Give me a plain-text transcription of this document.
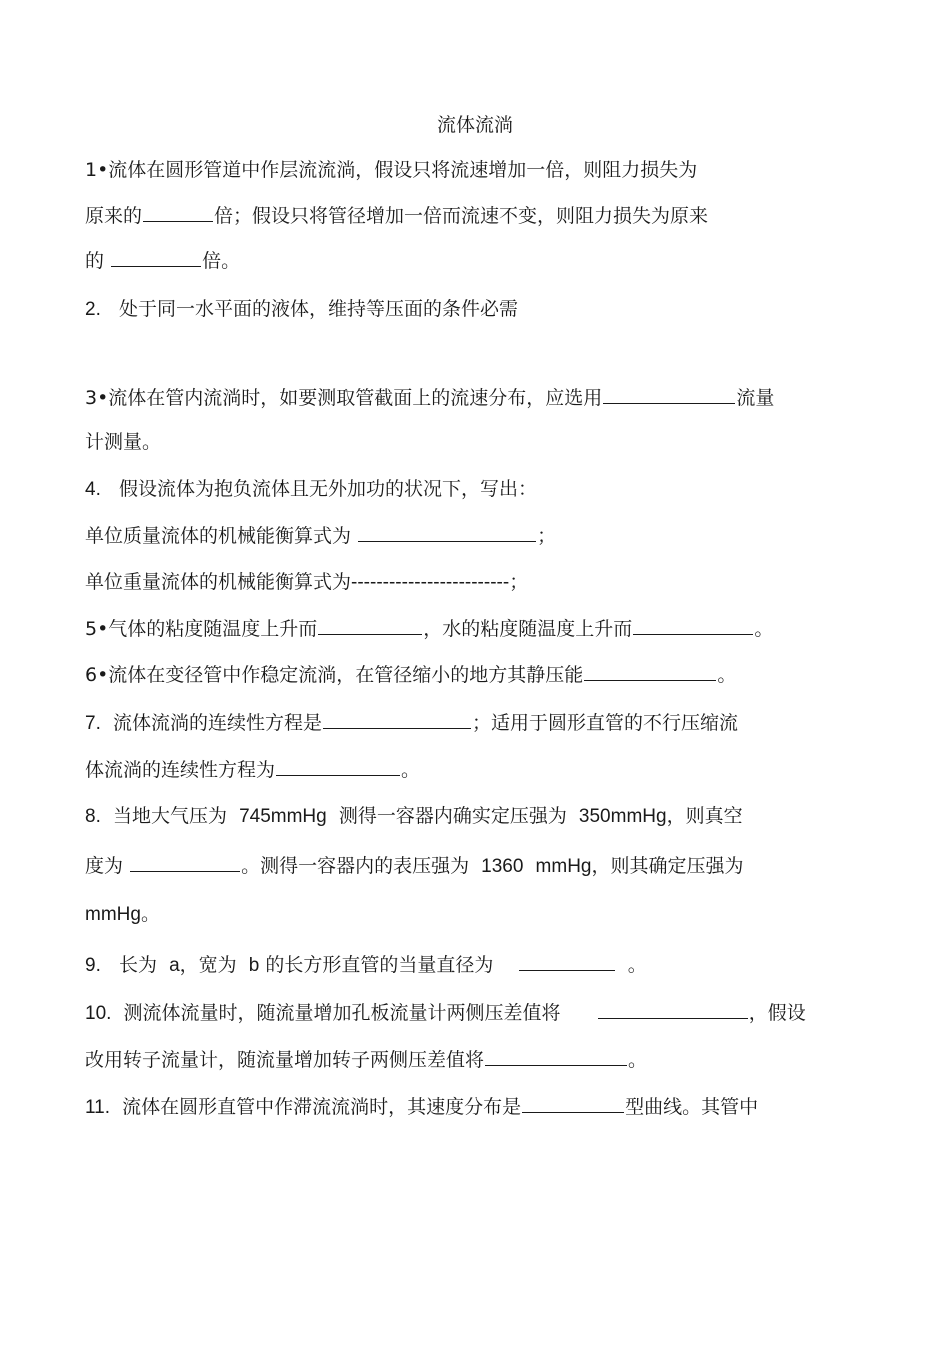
流体流淌
1•流体在圆形管道中作层流流淌，假设只将流速增加一倍，则阻力损失为
原来的	倍；假设只将管径增加一倍而流速不变，则阻力损失为原来
的	倍。
2. 处于同一水平面的液体，维持等压面的条件必需
3•流体在管内流淌时，如要测取管截面上的流速分布，应选用	流量
计测量。
4. 假设流体为抱负流体且无外加功的状况下，写出：
单位质量流体的机械能衡算式为	；
单位重量流体的机械能衡算式为-------------------------；
5•气体的粘度随温度上升而	，水的粘度随温度上升而	。
6•流体在变径管中作稳定流淌，在管径缩小的地方其静压能	。
7. 流体流淌的连续性方程是	；适用于圆形直管的不行压缩流
体流淌的连续性方程为	。
8. 当地大气压为 745mmHg 测得一容器内确实定压强为 350mmHg，则真空
度为	。测得一容器内的表压强为 1360 mmHg，则其确定压强为
mmHg。
9. 长为 a，宽为 b 的长方形直管的当量直径为	。
10. 测流体流量时，随流量增加孔板流量计两侧压差值将	，假设
改用转子流量计，随流量增加转子两侧压差值将	。
11. 流体在圆形直管中作滞流流淌时，其速度分布是	型曲线。其管中
